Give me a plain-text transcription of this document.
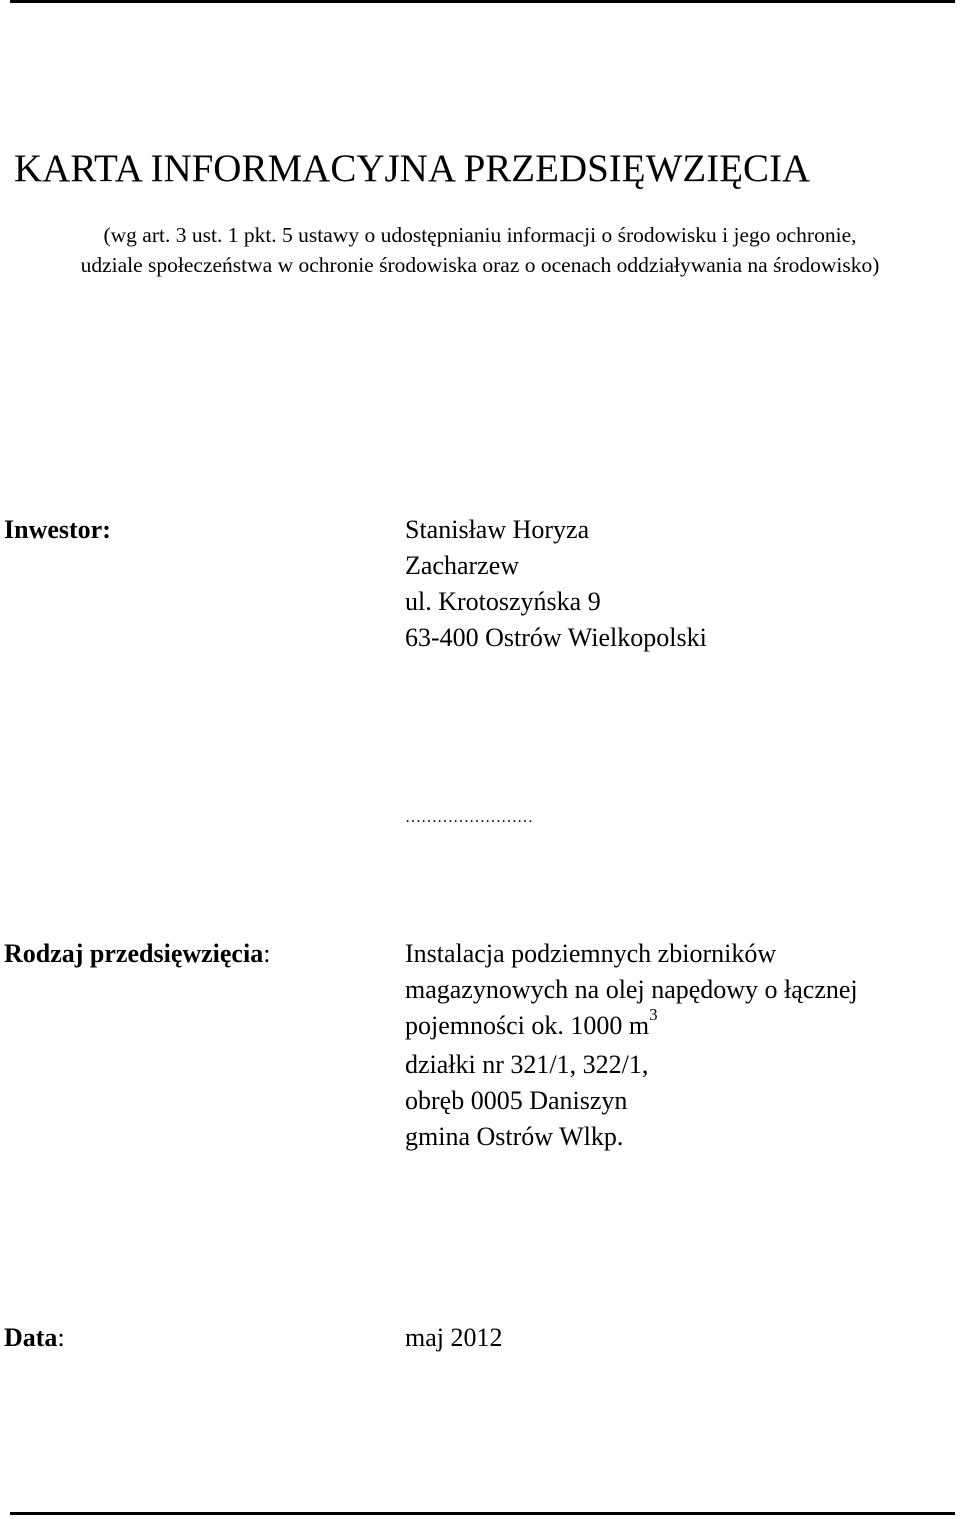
KARTA INFORMACYJNA PRZEDSIĘWZIĘCIA
(wg art. 3 ust. 1 pkt. 5 ustawy o udostępnianiu informacji o środowisku i jego ochronie,
udziale społeczeństwa w ochronie środowiska oraz o ocenach oddziaływania na środowisko)
Inwestor:	Stanisław Horyza
Zacharzew
ul. Krotoszyńska 9
63-400 Ostrów Wielkopolski
……………………
Rodzaj przedsięwzięcia:	Instalacja podziemnych zbiorników
magazynowych na olej napędowy o łącznej
pojemności ok. 1000 $m^3$
działki nr 321/1, 322/1,
obręb 0005 Daniszyn
gmina Ostrów Wlkp.
Data:	maj 2012
